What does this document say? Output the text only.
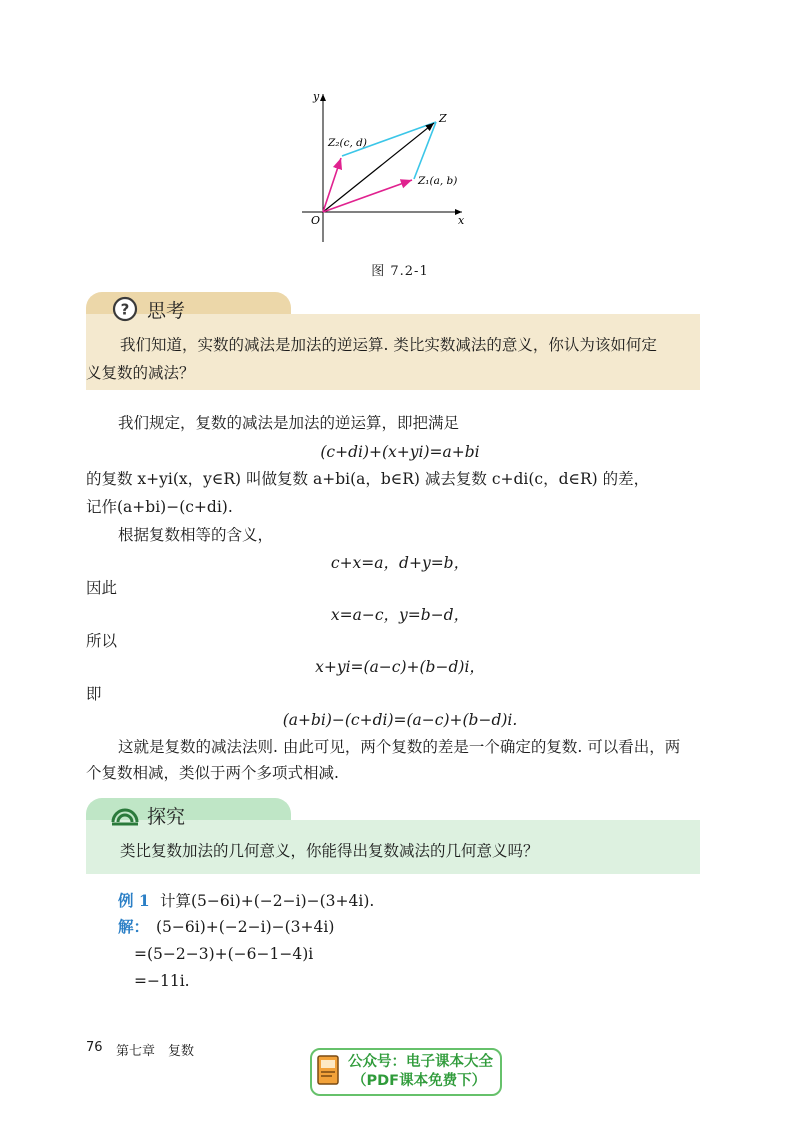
y
x
O
Z
Z₂(c, d)
Z₁(a, b)
图 7.2-1
? 思考
我们知道，实数的减法是加法的逆运算. 类比实数减法的意义，你认为该如何定
义复数的减法？
我们规定，复数的减法是加法的逆运算，即把满足
(c+di)+(x+yi)=a+bi
的复数 x+yi(x，y∈R) 叫做复数 a+bi(a，b∈R) 减去复数 c+di(c，d∈R) 的差，
记作(a+bi)−(c+di).
根据复数相等的含义，
c+x=a，d+y=b，
因此
x=a−c，y=b−d，
所以
x+yi=(a−c)+(b−d)i，
即
(a+bi)−(c+di)=(a−c)+(b−d)i.
这就是复数的减法法则. 由此可见，两个复数的差是一个确定的复数. 可以看出，两
个复数相减，类似于两个多项式相减.
探究
类比复数加法的几何意义，你能得出复数减法的几何意义吗？
例 1 计算(5−6i)+(−2−i)−(3+4i).
解： (5−6i)+(−2−i)−(3+4i)
=(5−2−3)+(−6−1−4)i
=−11i.
76 第七章　复数
公众号：电子课本大全
（PDF课本免费下）
